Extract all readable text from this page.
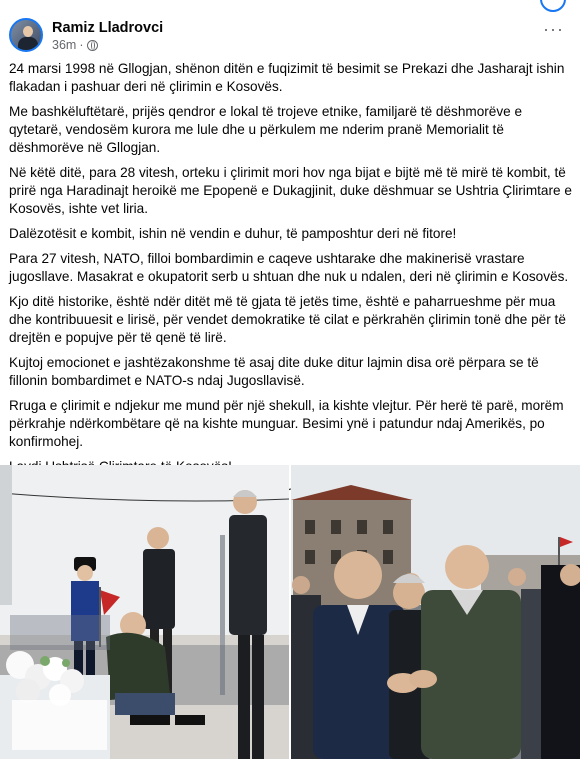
Ramiz Lladrovci
36m ·
···

24 marsi 1998 në Gllogjan, shënon ditën e fuqizimit të besimit se Prekazi dhe Jasharajt ishin flakadan i pashuar deri në çlirimin e Kosovës.

Me bashkëluftëtarë, prijës qendror e lokal të trojeve etnike, familjarë të dëshmorëve e qytetarë, vendosëm kurora me lule dhe u përkulem me nderim pranë Memorialit të dëshmorëve në Gllogjan.

Në këtë ditë, para 28 vitesh, orteku i çlirimit mori hov nga bijat e bijtë më të mirë të kombit, të prirë nga Haradinajt heroikë me Epopenë e Dukagjinit, duke dëshmuar se Ushtria Çlirimtare e Kosovës, ishte vet liria.

Dalëzotësit e kombit, ishin në vendin e duhur, të pamposhtur deri në fitore!

Para 27 vitesh, NATO, filloi bombardimin e caqeve ushtarake dhe makinerisë vrastare jugosllave. Masakrat e okupatorit serb u shtuan dhe nuk u ndalen, deri në çlirimin e Kosovës.

Kjo ditë historike, është ndër ditët më të gjata të jetës time, është e paharrueshme për mua dhe kontribuuesit e lirisë, për vendet demokratike të cilat e përkrahën çlirimin tonë dhe për të drejtën e popujve për të qenë të lirë.

Kujtoj emocionet e jashtëzakonshme të asaj dite duke ditur lajmin disa orë përpara se të fillonin bombardimet e NATO-s ndaj Jugosllavisë.

Rruga e çlirimit e ndjekur me mund për një shekull, ia kishte vlejtur. Për herë të parë, morëm përkrahje ndërkombëtare që na kishte munguar. Besimi ynë i patundur ndaj Amerikës, po konfirmohej.
